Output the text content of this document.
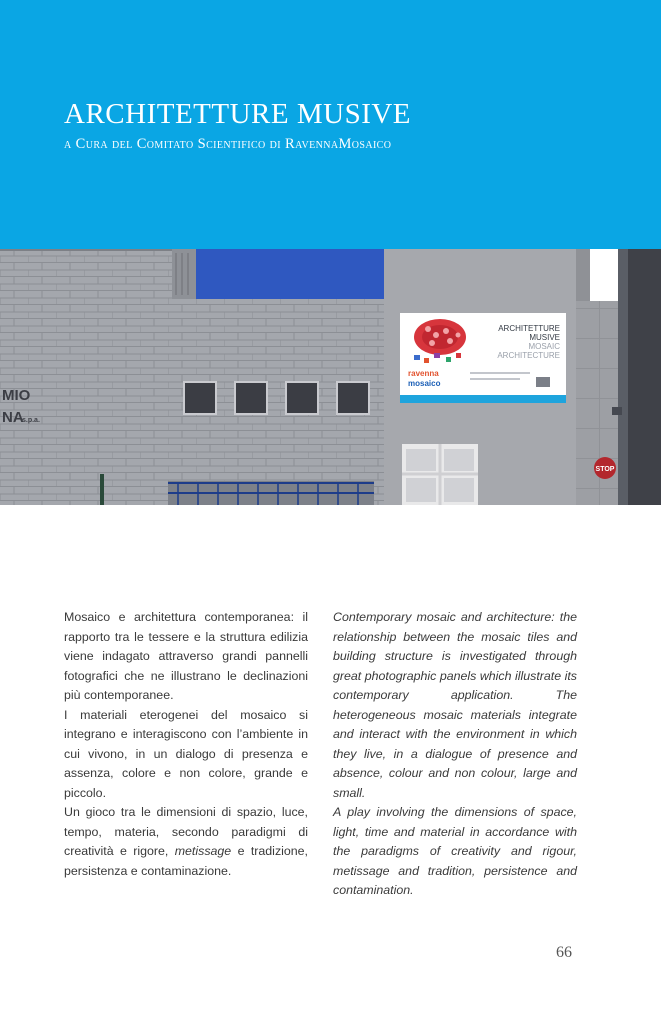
ARCHITETTURE MUSIVE
a Cura del Comitato Scientifico di RavennaMosaico
MIO
NA
s.p.a.
STOP
ARCHITETTURE
MUSIVE
MOSAIC
ARCHITECTURE
ravenna
mosaico

Mosaico e architettura contemporanea: il rapporto tra le tessere e la struttura edilizia viene indagato attraverso grandi pannelli fotografici che ne illustrano le declinazioni più contemporanee.

I materiali eterogenei del mosaico si integrano e interagiscono con l’ambiente in cui vivono, in un dialogo di presenza e assenza, colore e non colore, grande e piccolo.

Un gioco tra le dimensioni di spazio, luce, tempo, materia, secondo paradigmi di creatività e rigore, metissage e tradizione, persistenza e contaminazione.

Contemporary mosaic and architecture: the relationship between the mosaic tiles and building structure is investigated through great photographic panels which illustrate its contemporary application. The heterogeneous mosaic materials integrate and interact with the environment in which they live, in a dialogue of presence and absence, colour and non colour, large and small.

A play involving the dimensions of space, light, time and material in accordance with the paradigms of creativity and rigour, metissage and tradition, persistence and contamination.

66
